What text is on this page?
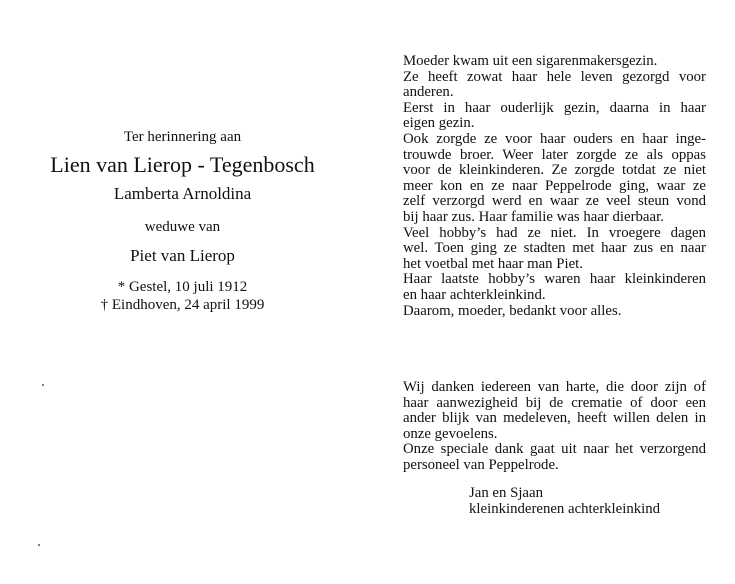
Ter herinnering aan
Lien van Lierop - Tegenbosch
Lamberta Arnoldina
weduwe van
Piet van Lierop
* Gestel, 10 juli 1912
† Eindhoven, 24 april 1999
Moeder kwam uit een sigarenmakersgezin.
Ze heeft zowat haar hele leven gezorgd voor
anderen.
Eerst in haar ouderlijk gezin, daarna in haar
eigen gezin.
Ook zorgde ze voor haar ouders en haar inge-
trouwde broer. Weer later zorgde ze als oppas
voor de kleinkinderen. Ze zorgde totdat ze niet
meer kon en ze naar Peppelrode ging, waar ze
zelf verzorgd werd en waar ze veel steun vond
bij haar zus. Haar familie was haar dierbaar.
Veel hobby’s had ze niet. In vroegere dagen
wel. Toen ging ze stadten met haar zus en naar
het voetbal met haar man Piet.
Haar laatste hobby’s waren haar kleinkinderen
en haar achterkleinkind.
Daarom, moeder, bedankt voor alles.
Wij danken iedereen van harte, die door zijn of
haar aanwezigheid bij de crematie of door een
ander blijk van medeleven, heeft willen delen in
onze gevoelens.
Onze speciale dank gaat uit naar het verzorgend
personeel van Peppelrode.
Jan en Sjaan
kleinkinderenen achterkleinkind
